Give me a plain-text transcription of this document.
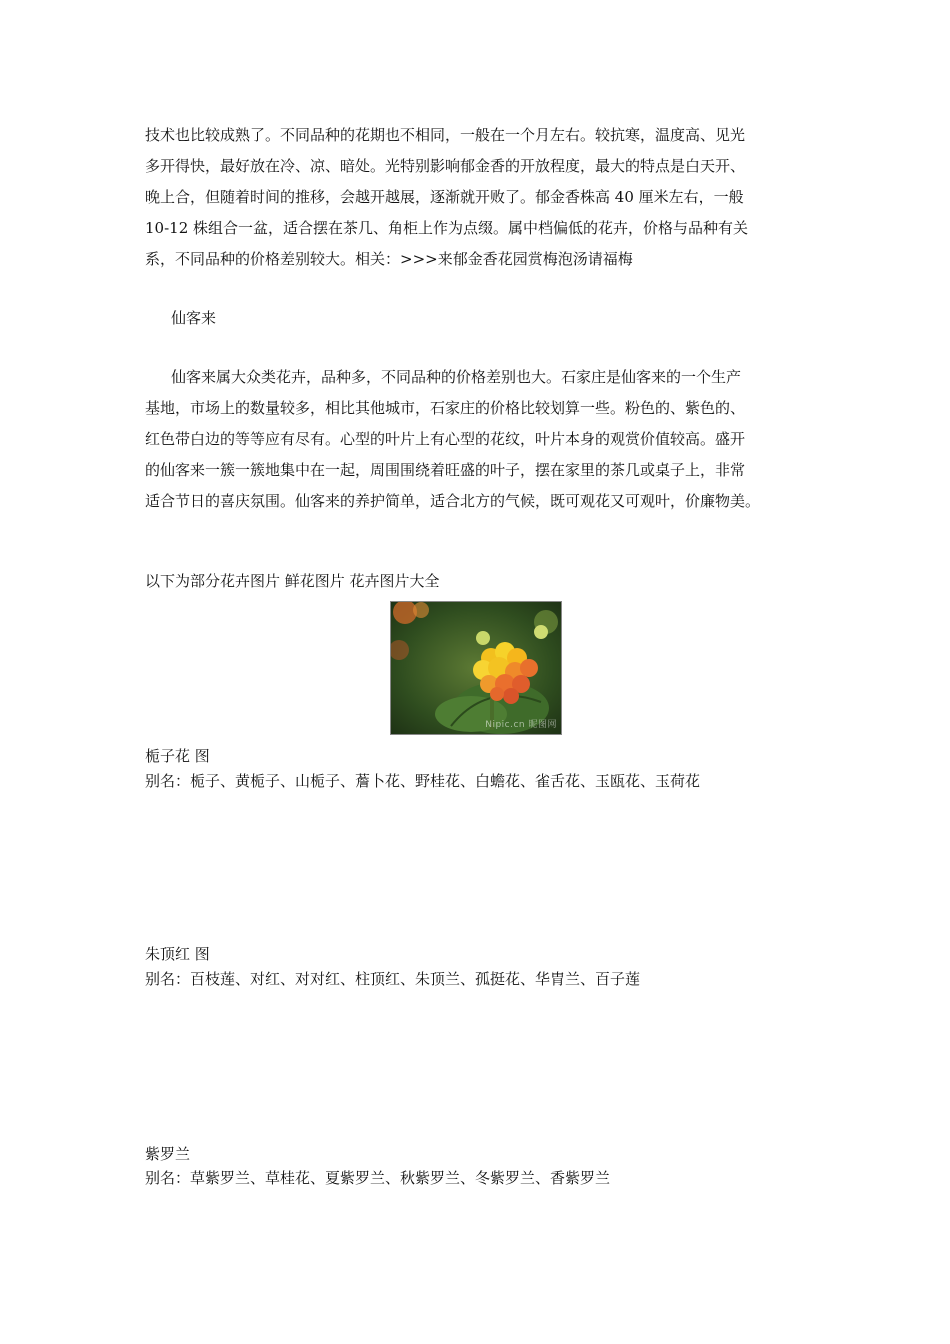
技术也比较成熟了。不同品种的花期也不相同，一般在一个月左右。较抗寒，温度高、见光
多开得快，最好放在冷、凉、暗处。光特别影响郁金香的开放程度，最大的特点是白天开、
晚上合，但随着时间的推移，会越开越展，逐渐就开败了。郁金香株高 40 厘米左右，一般
10-12 株组合一盆，适合摆在茶几、角柜上作为点缀。属中档偏低的花卉，价格与品种有关
系，不同品种的价格差别较大。相关：>>>来郁金香花园赏梅泡汤请福梅

仙客来

仙客来属大众类花卉，品种多，不同品种的价格差别也大。石家庄是仙客来的一个生产
基地，市场上的数量较多，相比其他城市，石家庄的价格比较划算一些。粉色的、紫色的、
红色带白边的等等应有尽有。心型的叶片上有心型的花纹，叶片本身的观赏价值较高。盛开
的仙客来一簇一簇地集中在一起，周围围绕着旺盛的叶子，摆在家里的茶几或桌子上，非常
适合节日的喜庆氛围。仙客来的养护简单，适合北方的气候，既可观花又可观叶，价廉物美。

以下为部分花卉图片 鲜花图片 花卉图片大全

Nipic.cn 昵图网

栀子花 图

别名：栀子、黄栀子、山栀子、薝卜花、野桂花、白蟾花、雀舌花、玉瓯花、玉荷花

朱顶红 图

别名：百枝莲、对红、对对红、柱顶红、朱顶兰、孤挺花、华胄兰、百子莲

紫罗兰

别名：草紫罗兰、草桂花、夏紫罗兰、秋紫罗兰、冬紫罗兰、香紫罗兰
